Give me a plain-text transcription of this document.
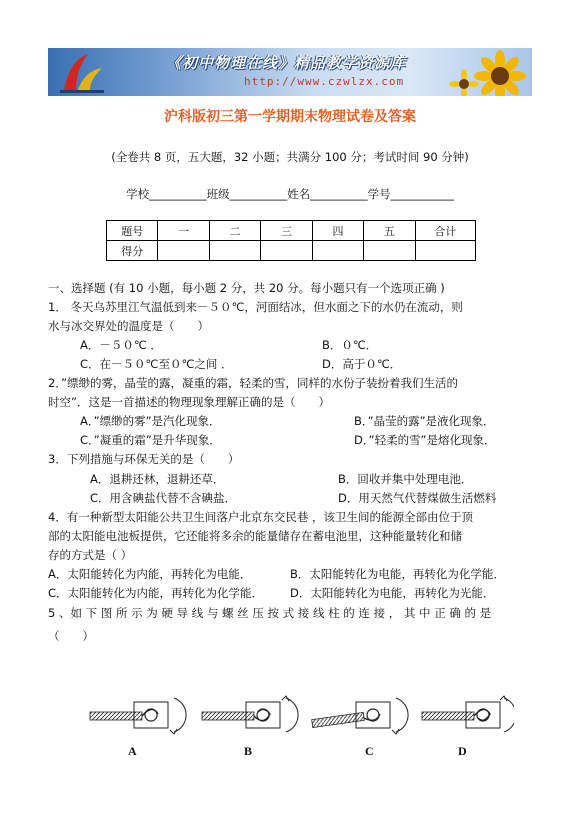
《初中物理在线》精品教学资源库
http://www.czwlzx.com
沪科版初三第一学期期末物理试卷及答案
(全卷共 8 页，五大题，32 小题；共满分 100 分；考试时间 90 分钟)
学校__________班级__________姓名__________学号___________
题号	一	二	三	四	五	合计
得分						
一、选择题 (有 10 小题，每小题 2 分，共 20 分。每小题只有一个选项正确 )
1． 冬天乌苏里江气温低到来－５０℃，河面结冰，但水面之下的水仍在流动，则
水与冰交界处的温度是（　　）
A．－５０℃ ．	B．０℃．
C．在－５０℃至０℃之间 ．	D．高于０℃．
2．”缥缈的雾，晶莹的露，凝重的霜，轻柔的雪，同样的水份子装扮着我们生活的
时空”．这是一首描述的物理现象理解正确的是（　　）
A．”缥缈的雾”是汽化现象．	B．”晶莹的露”是液化现象．
C．”凝重的霜”是升华现象．	D．”轻柔的雪”是熔化现象．
3．下列措施与环保无关的是（　　）
A．退耕还林，退耕还草．	B．回收并集中处理电池．
C．用含碘盐代替不含碘盐．	D．用天然气代替煤做生活燃料
4．有一种新型太阳能公共卫生间落户北京东交民巷 ，该卫生间的能源全部由位于顶
部的太阳能电池板提供，它还能将多余的能量储存在蓄电池里，这种能量转化和储
存的方式是（ ）
A．太阳能转化为内能，再转化为电能．	B．太阳能转化为电能，再转化为化学能．
C．太阳能转化为内能，再转化为化学能． D．太阳能转化为电能，再转化为光能．
5 、如 下 图 所 示 为 硬 导 线 与 螺 丝 压 按 式 接 线 柱 的 连 接 ， 其 中 正 确 的 是
（　　）
A	B	C	D
